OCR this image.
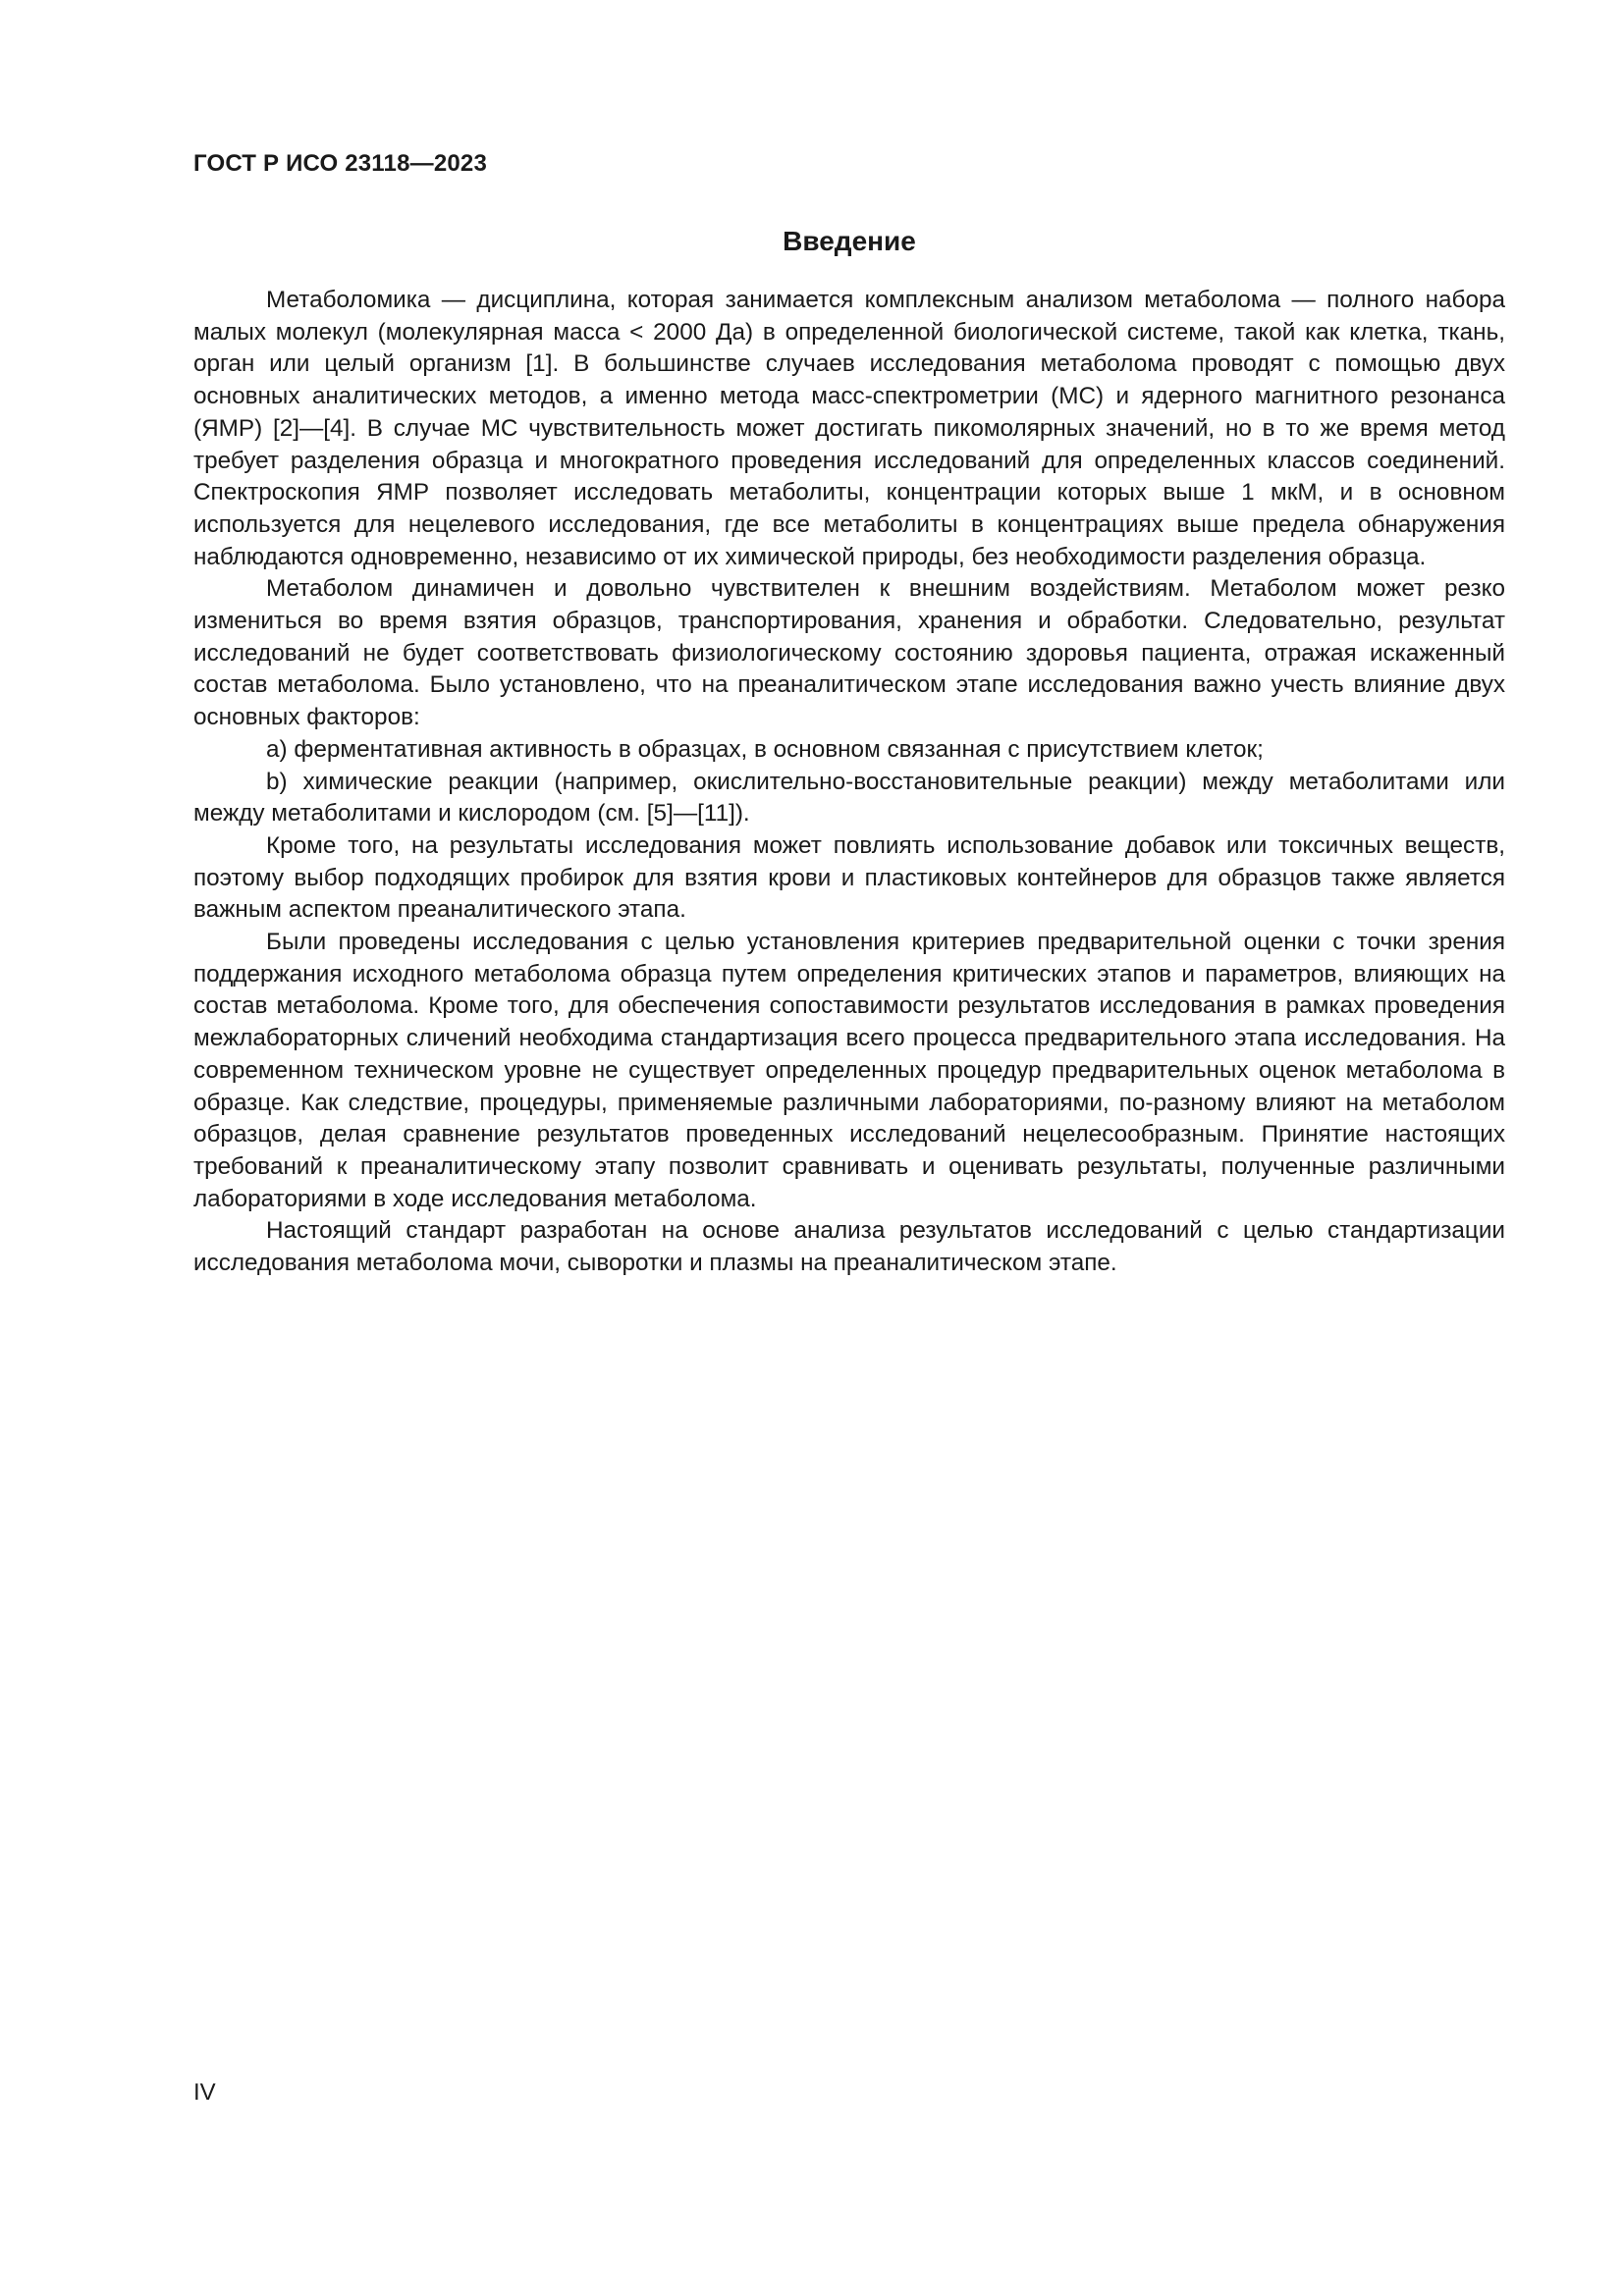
ГОСТ Р ИСО 23118—2023
Введение

Метаболомика — дисциплина, которая занимается комплексным анализом метаболома — полного набора малых молекул (молекулярная масса < 2000 Да) в определенной биологической системе, такой как клетка, ткань, орган или целый организм [1]. В большинстве случаев исследования метаболома проводят с помощью двух основных аналитических методов, а именно метода масс-спектрометрии (МС) и ядерного магнитного резонанса (ЯМР) [2]—[4]. В случае МС чувствительность может достигать пикомолярных значений, но в то же время метод требует разделения образца и многократного проведения исследований для определенных классов соединений. Спектроскопия ЯМР позволяет исследовать метаболиты, концентрации которых выше 1 мкМ, и в основном используется для нецелевого исследования, где все метаболиты в концентрациях выше предела обнаружения наблюдаются одновременно, независимо от их химической природы, без необходимости разделения образца.

Метаболом динамичен и довольно чувствителен к внешним воздействиям. Метаболом может резко измениться во время взятия образцов, транспортирования, хранения и обработки. Следовательно, результат исследований не будет соответствовать физиологическому состоянию здоровья пациента, отражая искаженный состав метаболома. Было установлено, что на преаналитическом этапе исследования важно учесть влияние двух основных факторов:

a) ферментативная активность в образцах, в основном связанная с присутствием клеток;

b) химические реакции (например, окислительно-восстановительные реакции) между метаболитами или между метаболитами и кислородом (см. [5]—[11]).

Кроме того, на результаты исследования может повлиять использование добавок или токсичных веществ, поэтому выбор подходящих пробирок для взятия крови и пластиковых контейнеров для образцов также является важным аспектом преаналитического этапа.

Были проведены исследования с целью установления критериев предварительной оценки с точки зрения поддержания исходного метаболома образца путем определения критических этапов и параметров, влияющих на состав метаболома. Кроме того, для обеспечения сопоставимости результатов исследования в рамках проведения межлабораторных сличений необходима стандартизация всего процесса предварительного этапа исследования. На современном техническом уровне не существует определенных процедур предварительных оценок метаболома в образце. Как следствие, процедуры, применяемые различными лабораториями, по-разному влияют на метаболом образцов, делая сравнение результатов проведенных исследований нецелесообразным. Принятие настоящих требований к преаналитическому этапу позволит сравнивать и оценивать результаты, полученные различными лабораториями в ходе исследования метаболома.

Настоящий стандарт разработан на основе анализа результатов исследований с целью стандартизации исследования метаболома мочи, сыворотки и плазмы на преаналитическом этапе.

IV
